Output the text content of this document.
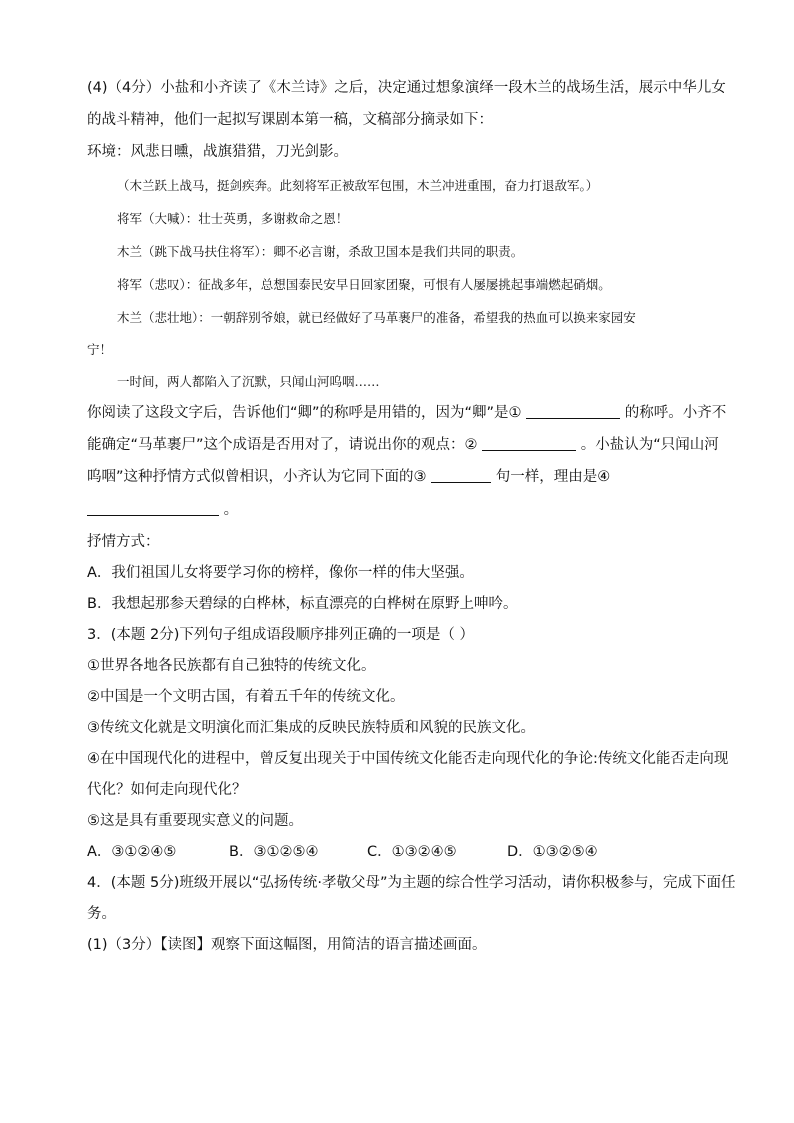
(4)（4分）小盐和小齐读了《木兰诗》之后，决定通过想象演绎一段木兰的战场生活，展示中华儿女

的战斗精神，他们一起拟写课剧本第一稿，文稿部分摘录如下：

环境：风悲日曛，战旗猎猎，刀光剑影。

（木兰跃上战马，挺剑疾奔。此刻将军正被敌军包围，木兰冲进重围，奋力打退敌军。）

将军（大喊）：壮士英勇，多谢救命之恩！

木兰（跳下战马扶住将军）：卿不必言谢，杀敌卫国本是我们共同的职责。

将军（悲叹）：征战多年，总想国泰民安早日回家团聚，可恨有人屡屡挑起事端燃起硝烟。

木兰（悲壮地）：一朝辞别爷娘，就已经做好了马革裹尸的准备，希望我的热血可以换来家园安

宁！

一时间，两人都陷入了沉默，只闻山河呜咽……

你阅读了这段文字后，告诉他们“卿”的称呼是用错的，因为“卿”是①	的称呼。小齐不

能确定“马革裹尸”这个成语是否用对了，请说出你的观点：②	。小盐认为“只闻山河

呜咽”这种抒情方式似曾相识，小齐认为它同下面的③	句一样，理由是④

。

抒情方式：

A．我们祖国儿女将要学习你的榜样，像你一样的伟大坚强。

B．我想起那参天碧绿的白桦林，标直漂亮的白桦树在原野上呻吟。

3．(本题 2分)下列句子组成语段顺序排列正确的一项是（ ）

①世界各地各民族都有自己独特的传统文化。

②中国是一个文明古国，有着五千年的传统文化。

③传统文化就是文明演化而汇集成的反映民族特质和风貌的民族文化。

④在中国现代化的进程中，曾反复出现关于中国传统文化能否走向现代化的争论:传统文化能否走向现

代化？如何走向现代化？

⑤这是具有重要现实意义的问题。

A．③①②④⑤	B．③①②⑤④	C．①③②④⑤	D．①③②⑤④

4．(本题 5分)班级开展以“弘扬传统·孝敬父母”为主题的综合性学习活动，请你积极参与，完成下面任

务。

(1)（3分）【读图】观察下面这幅图，用简洁的语言描述画面。
